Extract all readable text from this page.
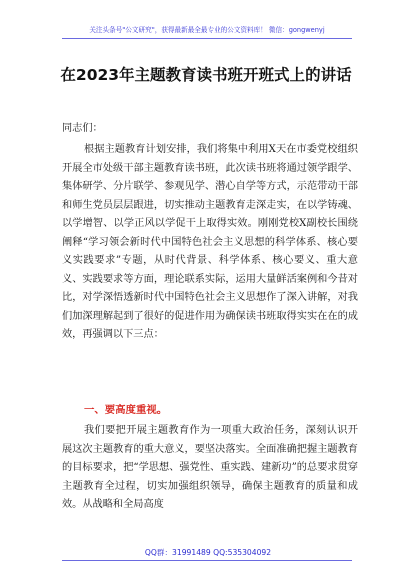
关注头条号"公文研究"，获得最新最全最专业的公文资料库！ 微信：gongwenyj
在2023年主题教育读书班开班式上的讲话
同志们：
根据主题教育计划安排，我们将集中利用X天在市委党校组织开展全市处级干部主题教育读书班，此次读书班将通过领学跟学、集体研学、分片联学、参观见学、潜心自学等方式，示范带动干部和师生党员层层跟进，切实推动主题教育走深走实，在以学铸魂、以学增智、以学正风以学促干上取得实效。刚刚党校X副校长围绕阐释“学习领会新时代中国特色社会主义思想的科学体系、核心要义实践要求”专题，从时代背景、科学体系、核心要义、重大意义、实践要求等方面，理论联系实际，运用大量鲜活案例和今昔对比，对学深悟透新时代中国特色社会主义思想作了深入讲解，对我们加深理解起到了很好的促进作用为确保读书班取得实实在在的成效，再强调以下三点：
一、要高度重视。
我们要把开展主题教育作为一项重大政治任务，深刻认识开展这次主题教育的重大意义，要坚决落实。全面准确把握主题教育的目标要求，把“学思想、强党性、重实践、建新功”的总要求贯穿主题教育全过程，切实加强组织领导，确保主题教育的质量和成效。从战略和全局高度
QQ群：31991489 QQ:535304092
